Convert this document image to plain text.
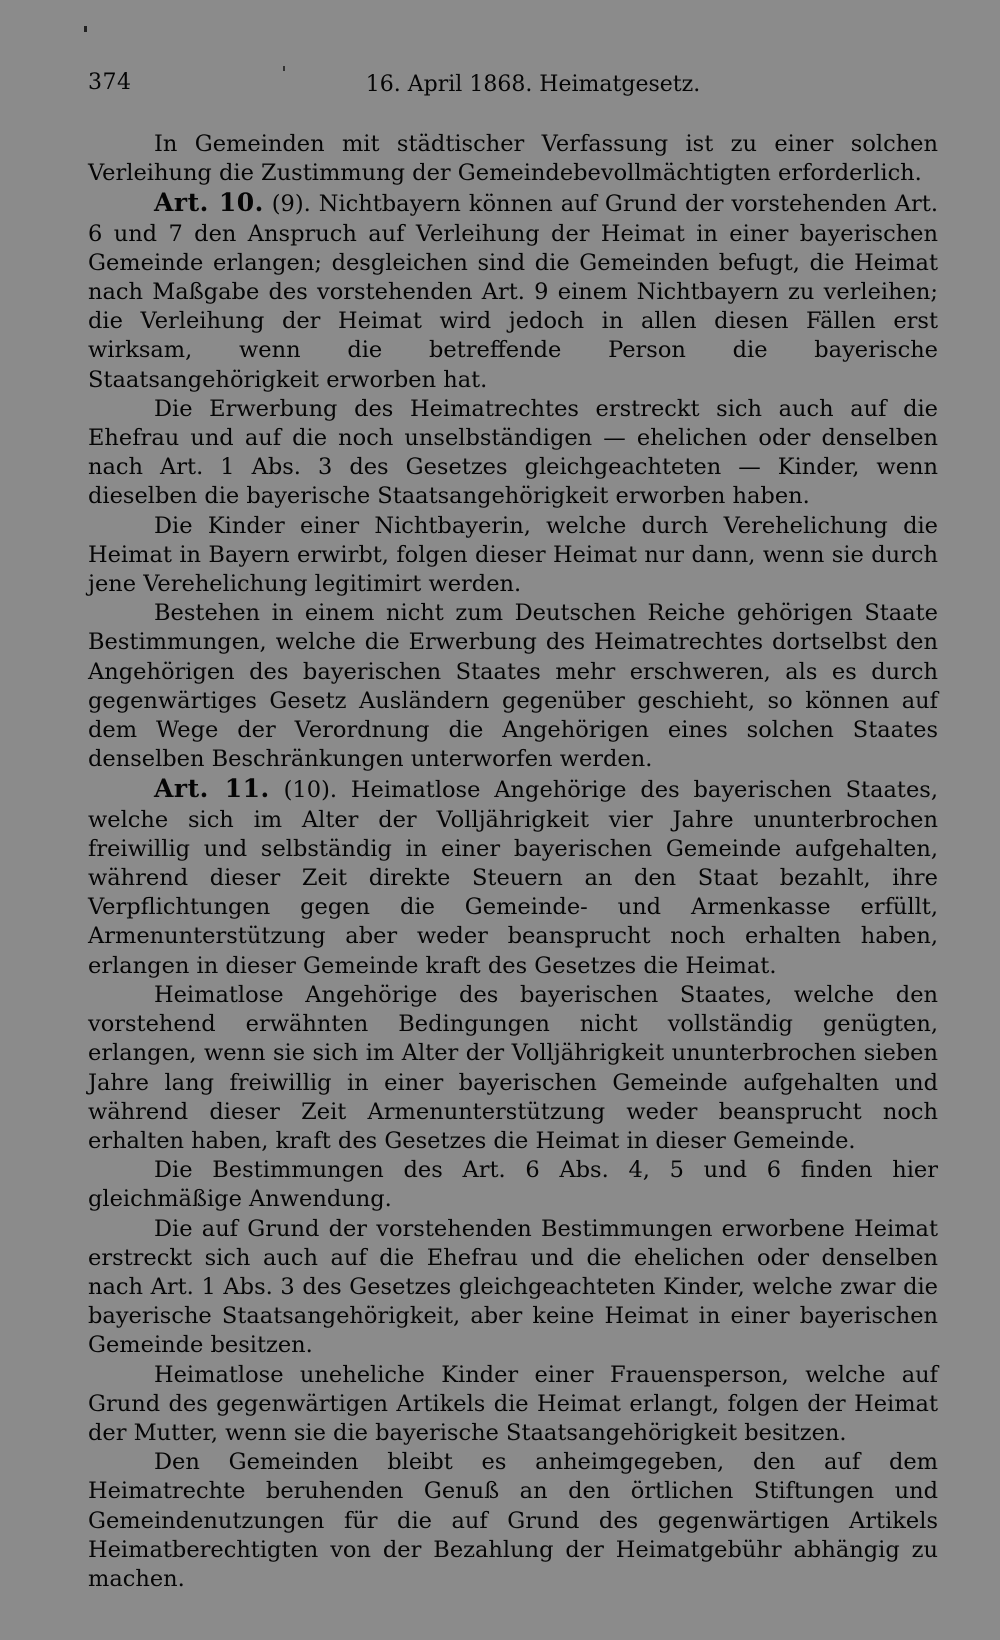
374	16. April 1868. Heimatgesetz.

In Gemeinden mit städtischer Verfassung ist zu einer solchen Verleihung die Zustimmung der Gemeindebevollmächtigten erforderlich.

Art. 10. (9). Nichtbayern können auf Grund der vorstehenden Art. 6 und 7 den Anspruch auf Verleihung der Heimat in einer bayerischen Gemeinde erlangen; desgleichen sind die Gemeinden befugt, die Heimat nach Maßgabe des vorstehenden Art. 9 einem Nichtbayern zu verleihen; die Verleihung der Heimat wird jedoch in allen diesen Fällen erst wirksam, wenn die betreffende Person die bayerische Staatsangehörigkeit erworben hat.

Die Erwerbung des Heimatrechtes erstreckt sich auch auf die Ehefrau und auf die noch unselbständigen — ehelichen oder denselben nach Art. 1 Abs. 3 des Gesetzes gleichgeachteten — Kinder, wenn dieselben die bayerische Staatsangehörigkeit erworben haben.

Die Kinder einer Nichtbayerin, welche durch Verehelichung die Heimat in Bayern erwirbt, folgen dieser Heimat nur dann, wenn sie durch jene Verehelichung legitimirt werden.

Bestehen in einem nicht zum Deutschen Reiche gehörigen Staate Bestimmungen, welche die Erwerbung des Heimatrechtes dortselbst den Angehörigen des bayerischen Staates mehr erschweren, als es durch gegenwärtiges Gesetz Ausländern gegenüber geschieht, so können auf dem Wege der Verordnung die Angehörigen eines solchen Staates denselben Beschränkungen unterworfen werden.

Art. 11. (10). Heimatlose Angehörige des bayerischen Staates, welche sich im Alter der Volljährigkeit vier Jahre ununterbrochen freiwillig und selbständig in einer bayerischen Gemeinde aufgehalten, während dieser Zeit direkte Steuern an den Staat bezahlt, ihre Verpflichtungen gegen die Gemeinde- und Armenkasse erfüllt, Armenunterstützung aber weder beansprucht noch erhalten haben, erlangen in dieser Gemeinde kraft des Gesetzes die Heimat.

Heimatlose Angehörige des bayerischen Staates, welche den vorstehend erwähnten Bedingungen nicht vollständig genügten, erlangen, wenn sie sich im Alter der Volljährigkeit ununterbrochen sieben Jahre lang freiwillig in einer bayerischen Gemeinde aufgehalten und während dieser Zeit Armenunterstützung weder beansprucht noch erhalten haben, kraft des Gesetzes die Heimat in dieser Gemeinde.

Die Bestimmungen des Art. 6 Abs. 4, 5 und 6 finden hier gleichmäßige Anwendung.

Die auf Grund der vorstehenden Bestimmungen erworbene Heimat erstreckt sich auch auf die Ehefrau und die ehelichen oder denselben nach Art. 1 Abs. 3 des Gesetzes gleichgeachteten Kinder, welche zwar die bayerische Staatsangehörigkeit, aber keine Heimat in einer bayerischen Gemeinde besitzen.

Heimatlose uneheliche Kinder einer Frauensperson, welche auf Grund des gegenwärtigen Artikels die Heimat erlangt, folgen der Heimat der Mutter, wenn sie die bayerische Staatsangehörigkeit besitzen.

Den Gemeinden bleibt es anheimgegeben, den auf dem Heimatrechte beruhenden Genuß an den örtlichen Stiftungen und Gemeindenutzungen für die auf Grund des gegenwärtigen Artikels Heimatberechtigten von der Bezahlung der Heimatgebühr abhängig zu machen.
